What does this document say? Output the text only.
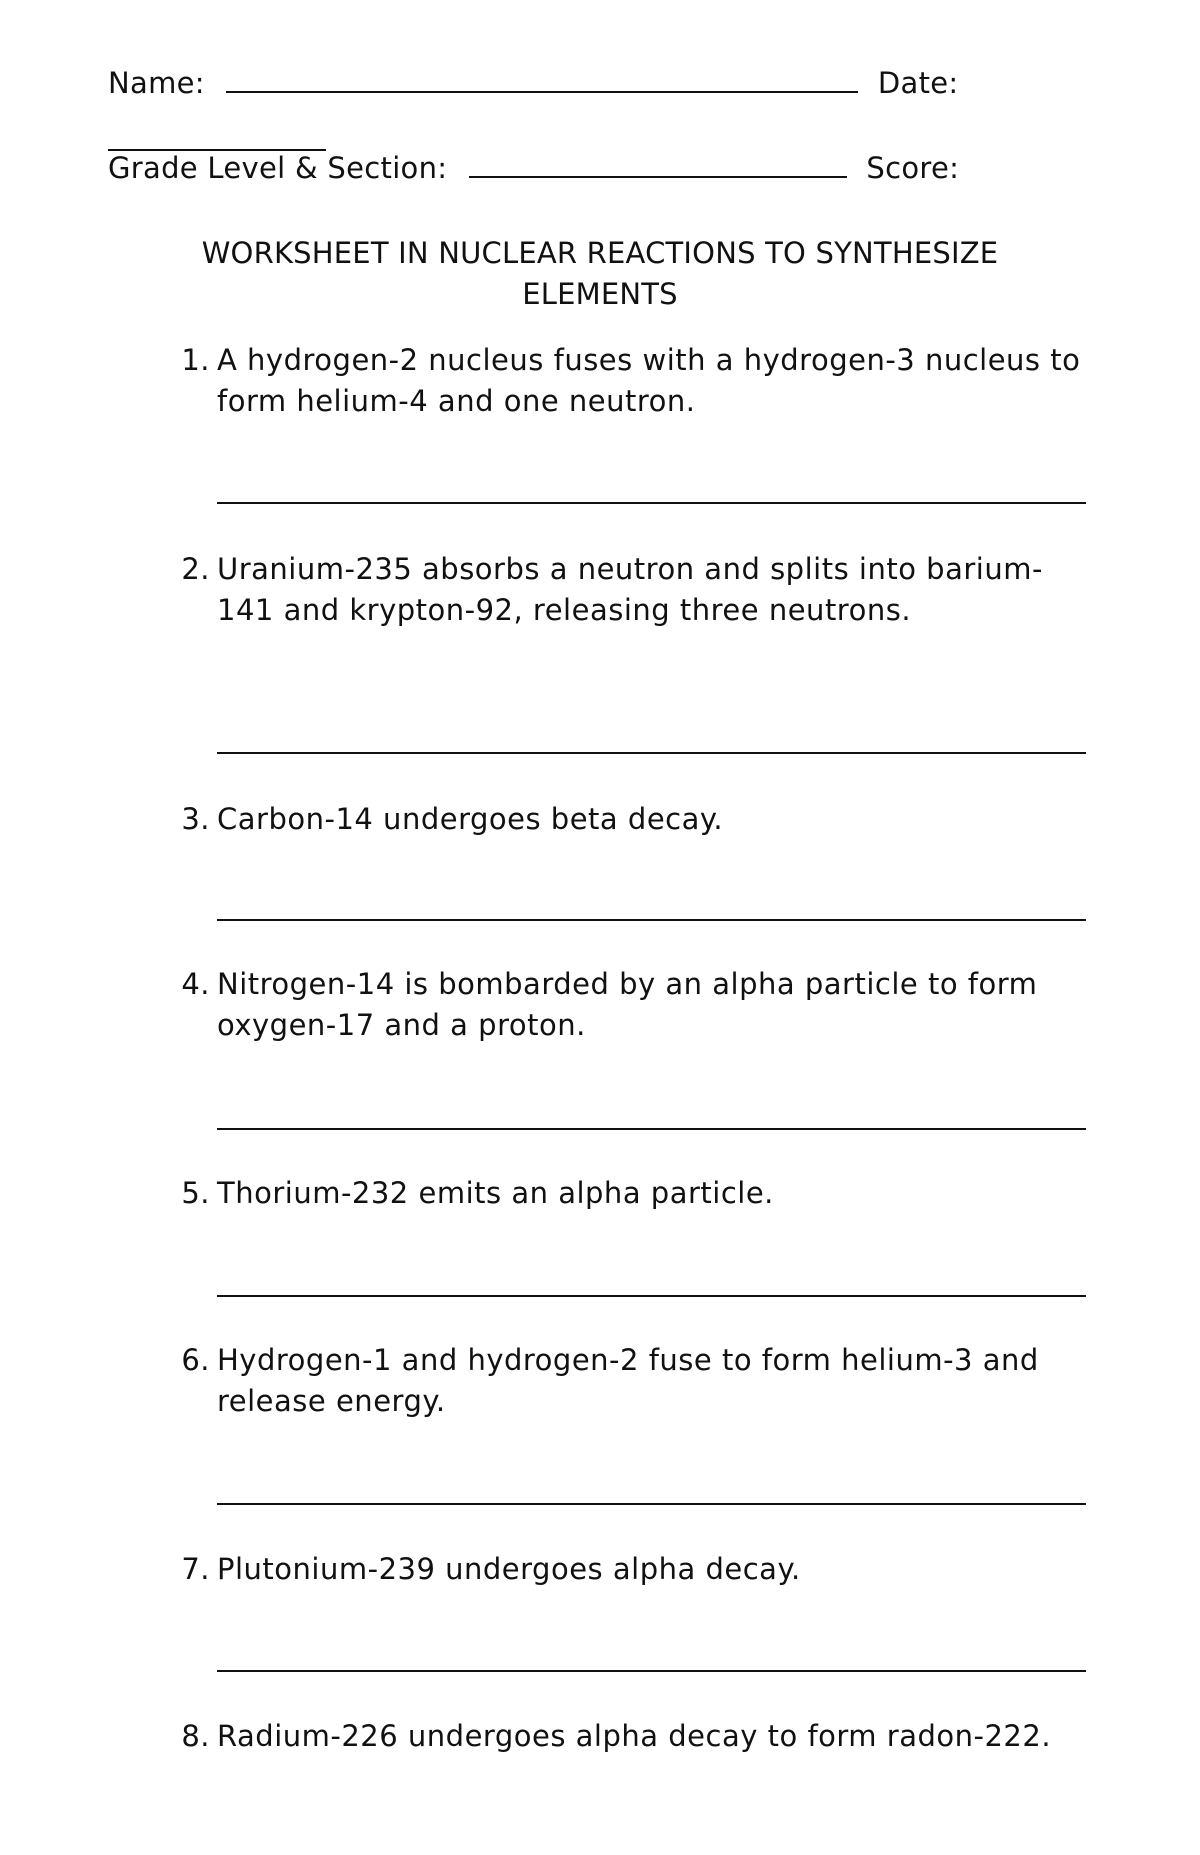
Name:	Date:
Grade Level & Section:	Score:
WORKSHEET IN NUCLEAR REACTIONS TO SYNTHESIZE ELEMENTS
1. A hydrogen-2 nucleus fuses with a hydrogen-3 nucleus to form helium-4 and one neutron.
2. Uranium-235 absorbs a neutron and splits into barium-141 and krypton-92, releasing three neutrons.
3. Carbon-14 undergoes beta decay.
4. Nitrogen-14 is bombarded by an alpha particle to form oxygen-17 and a proton.
5. Thorium-232 emits an alpha particle.
6. Hydrogen-1 and hydrogen-2 fuse to form helium-3 and release energy.
7. Plutonium-239 undergoes alpha decay.
8. Radium-226 undergoes alpha decay to form radon-222.
